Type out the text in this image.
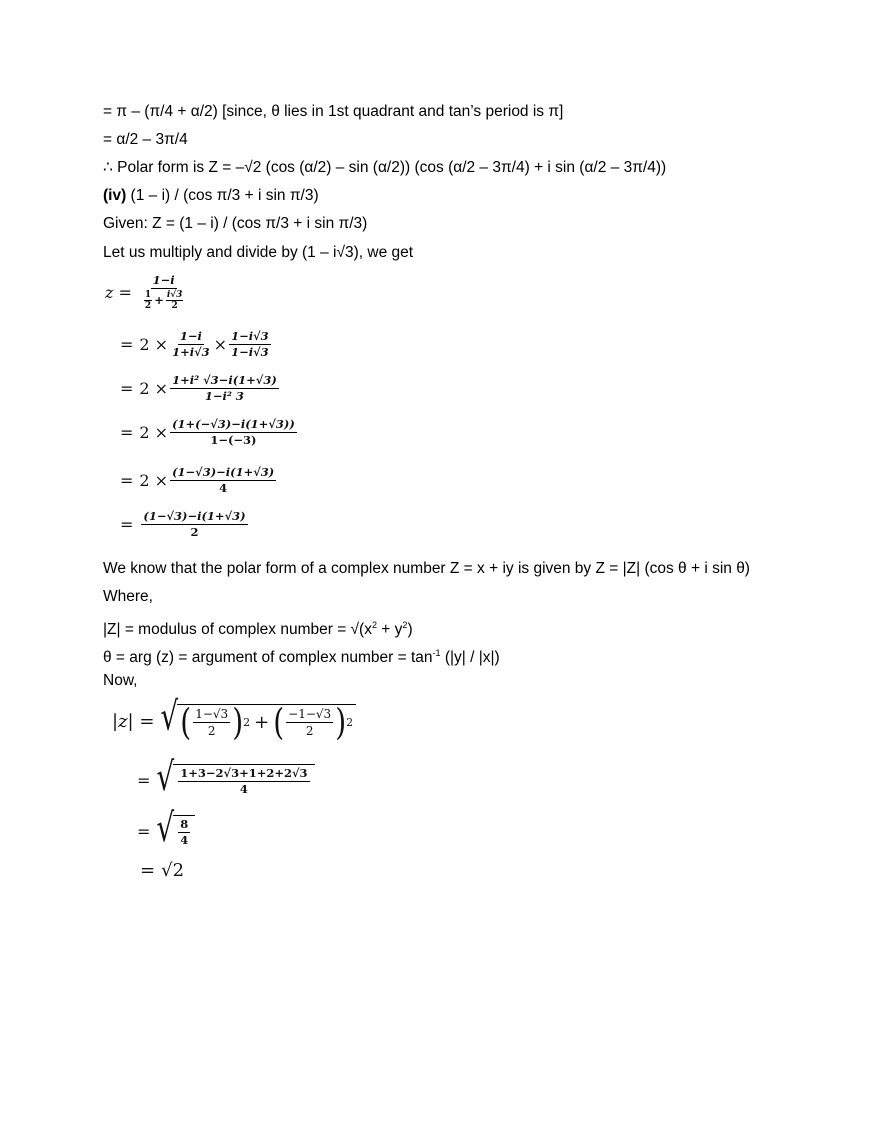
= π – (π/4 + α/2) [since, θ lies in 1st quadrant and tan’s period is π]
= α/2 – 3π/4
∴ Polar form is Z = –√2 (cos (α/2) – sin (α/2)) (cos (α/2 – 3π/4) + i sin (α/2 – 3π/4))
(iv) (1 – i) / (cos π/3 + i sin π/3)
Given: Z = (1 – i) / (cos π/3 + i sin π/3)
Let us multiply and divide by (1 – i√3), we get
z =
1−i
$\frac{1}{2} + \frac{i√3}{2}$
= $2 \times \frac{1-i}{1+i√3} \times \frac{1-i√3}{1-i√3}$
= $2 \times \frac{\text{1+i² √3−i(1+√3)}}{\text{1−i² 3}}$
= $2 \times \frac{(1+(-√3)-i(1+√3))}{1-(-3)}$
= $2 \times \frac{(1-√3)-i(1+√3)}{4}$
= $\frac{(1-√3)-i(1+√3)}{2}$
We know that the polar form of a complex number Z = x + iy is given by Z = |Z| (cos θ + i sin θ)
Where,
|Z| = modulus of complex number = $√(x^2 + y^2)$
θ = arg (z) = argument of complex number = $\tan^{-1} (|y| / |x|)$
Now,
|z| = √ ( $\frac{1-√3}{2}$ ) 2 + ( $\frac{-1-√3}{2}$ ) 2
= √ $\frac{1+3-2√3+1+2+2√3}{4}$
= √ $\frac{8}{4}$
= √2
